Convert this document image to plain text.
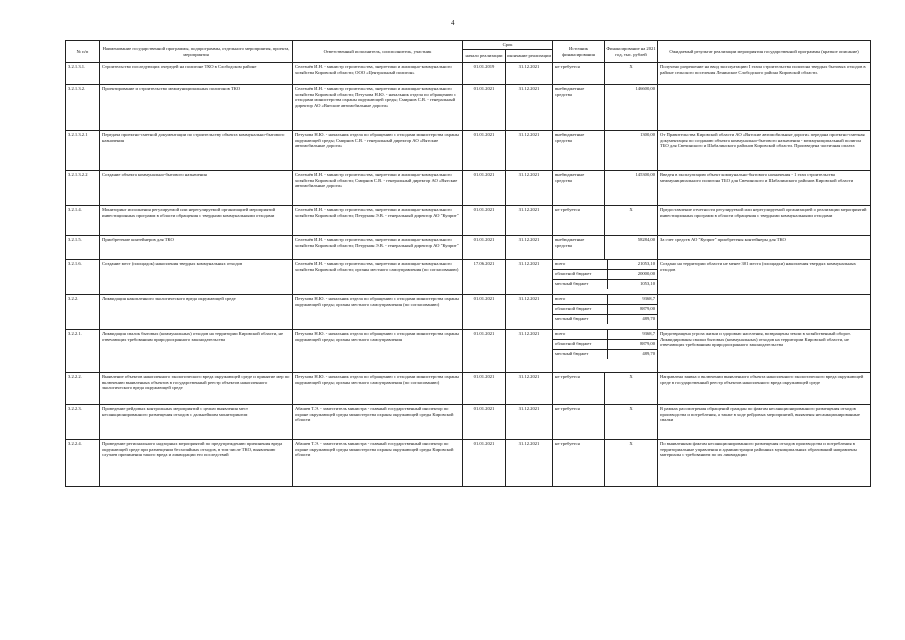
4
№ п/п	Наименование государственной программы, подпрограммы, отдельного мероприятия, проекта, мероприятия	Ответственный исполнитель, соисполнитель, участник	Срок	Источник финансирования	Финансирование на 2021 год, тыс. рублей	Ожидаемый результат реализации мероприятия государственной программы (краткое описание)
начало реализации	окончание реализации
3.2.1.3.1.	Строительство последующих очередей на полигоне ТКО в Слободском районе	Селезнёв И.Н. - министр строительства, энергетики и жилищно-коммунального хозяйства Кировской области; ООО «Центральный полигон»	01.01.2019	31.12.2021	не требуется	X	Получено разрешение на ввод эксплуатацию I этапа строительства полигона твердых бытовых отходов в районе сельского поселения Ленинское Слободского района Кировской области.
3.2.1.3.2.	Проектирование и строительство межмуниципальных полигонов ТКО	Селезнёв И.Н. - министр строительства, энергетики и жилищно-коммунального хозяйства Кировской области; Петухова Н.Ю. - начальник отдела по обращению с отходами министерства охраны окружающей среды; Смирнов С.В. - генеральный директор АО «Вятские автомобильные дороги»	01.01.2021	31.12.2021	внебюджетные средства	146600,00	
3.2.1.3.2.1	Передача проектно-сметной документации по строительству объекта коммунально-бытового назначения	Петухова Н.Ю. - начальник отдела по обращению с отходами министерства охраны окружающей среды; Смирнов С.В. - генеральный директор АО «Вятские автомобильные дороги»	01.01.2021	31.12.2021	внебюджетные средства	1300,00	От Правительства Кировской области АО «Вятские автомобильные дороги» передана проектно-сметная документация по созданию объекта коммунально-бытового назначения - межмуниципальный полигон ТБО для Свечинского и Шабалинского районов Кировской области. Произведена частичная оплата
3.2.1.3.2.2	Создание объекта коммунально-бытового назначения	Селезнёв И.Н. - министр строительства, энергетики и жилищно-коммунального хозяйства Кировской области; Смирнов С.В. - генеральный директор АО «Вятские автомобильные дороги»	01.01.2021	31.12.2021	внебюджетные средства	145300,00	Введен в эксплуатацию объект коммунально-бытового назначения - 1 этап строительства межмуниципального полигона ТБО для Свечинского и Шабалинского районов Кировской области
3.2.1.4.	Мониторинг исполнения регулируемой или нерегулируемой организацией мероприятий инвестиционных программ в области обращения с твердыми коммунальными отходами	Селезнёв И.Н. - министр строительства, энергетики и жилищно-коммунального хозяйства Кировской области; Петрунин Э.В. - генеральный директор АО "Куприт"	01.01.2021	31.12.2021	не требуется	X	Предоставление отчетности регулируемой или нерегулируемой организацией о реализации мероприятий инвестиционных программ в области обращения с твердыми коммунальными отходами
3.2.1.5.	Приобретение контейнеров для ТКО	Селезнёв И.Н. - министр строительства, энергетики и жилищно-коммунального хозяйства Кировской области; Петрунин Э.В. - генеральный директор АО "Куприт"	01.01.2021	31.12.2021	внебюджетные средства	58284,00	За счет средств АО "Куприт" приобретены контейнеры для ТКО
3.2.1.6.	Создание мест (площадок) накопления твердых коммунальных отходов	Селезнёв И.Н. - министр строительства, энергетики и жилищно-коммунального хозяйства Кировской области; органы местного самоуправления (по согласованию)	17.06.2021	31.12.2021		всего	21053,10
областной бюджет	20000,00
местный бюджет	1053,10
	Создано на территории области не менее 301 места (площадки) накопления твердых коммунальных отходов
3.2.2.	Ликвидация накопленного экологического вреда окружающей среде	Петухова Н.Ю. - начальник отдела по обращению с отходами министерства охраны окружающей среды; органы местного самоуправления (по согласованию)	01.01.2021	31.12.2021		всего	9368,7
областной бюджет	8879,00
местный бюджет	489,70

3.2.2.1.	Ликвидация свалок бытовых (коммунальных) отходов на территории Кировской области, не отвечающих требованиям природоохранного законодательства	Петухова Н.Ю. - начальник отдела по обращению с отходами министерства охраны окружающей среды; органы местного самоуправления	01.01.2021	31.12.2021		всего	9368,7
областной бюджет	8879,00
местный бюджет	489,70
	Предотвращена угроза жизни и здоровью населения, возвращены земли в хозяйственный оборот. Ликвидированы свалки бытовых (коммунальных) отходов на территории Кировской области, не отвечающих требованиям природоохранного законодательства
3.2.2.2.	Выявление объектов накопленного экологического вреда окружающей среде и принятие мер по включению выявленных объектов в государственный реестр объектов накопленного экологического вреда окружающей среде	Петухова Н.Ю. - начальник отдела по обращению с отходами министерства охраны окружающей среды; органы местного самоуправления (по согласованию)	01.01.2021	31.12.2021	не требуется	X	Направлена заявка о включении выявленного объекта накопленного экологического вреда окружающей среде в государственный реестр объектов накопленного вреда окружающей среде
3.2.2.3.	Проведение рейдовых контрольных мероприятий с целью выявления мест несанкционированного размещения отходов с дальнейшим мониторингом	Абашев Т.Э. - заместитель министра - главный государственный инспектор по охране окружающей среды министерства охраны окружающей среды Кировской области	01.01.2021	31.12.2021	не требуется	X	В рамках рассмотрения обращений граждан по фактам несанкционированного размещения отходов производства и потребления, а также в ходе рейдовых мероприятий, выявлены несанкционированные свалки
3.2.2.4.	Проведение регионального надзорных мероприятий по предупреждению причинения вреда окружающей среде при размещении бесхозяйных отходов, в том числе ТКО, выявлению случаев причинения такого вреда и ликвидации его последствий	Абашев Т.Э. - заместитель министра - главный государственный инспектор по охране окружающей среды министерства охраны окружающей среды Кировской области	01.01.2021	31.12.2021	не требуется	X	По выявленным фактам несанкционированного размещения отходов производства и потребления в территориальные управления и администрации районных муниципальных образований направлены материалы с требованием по их ликвидации
